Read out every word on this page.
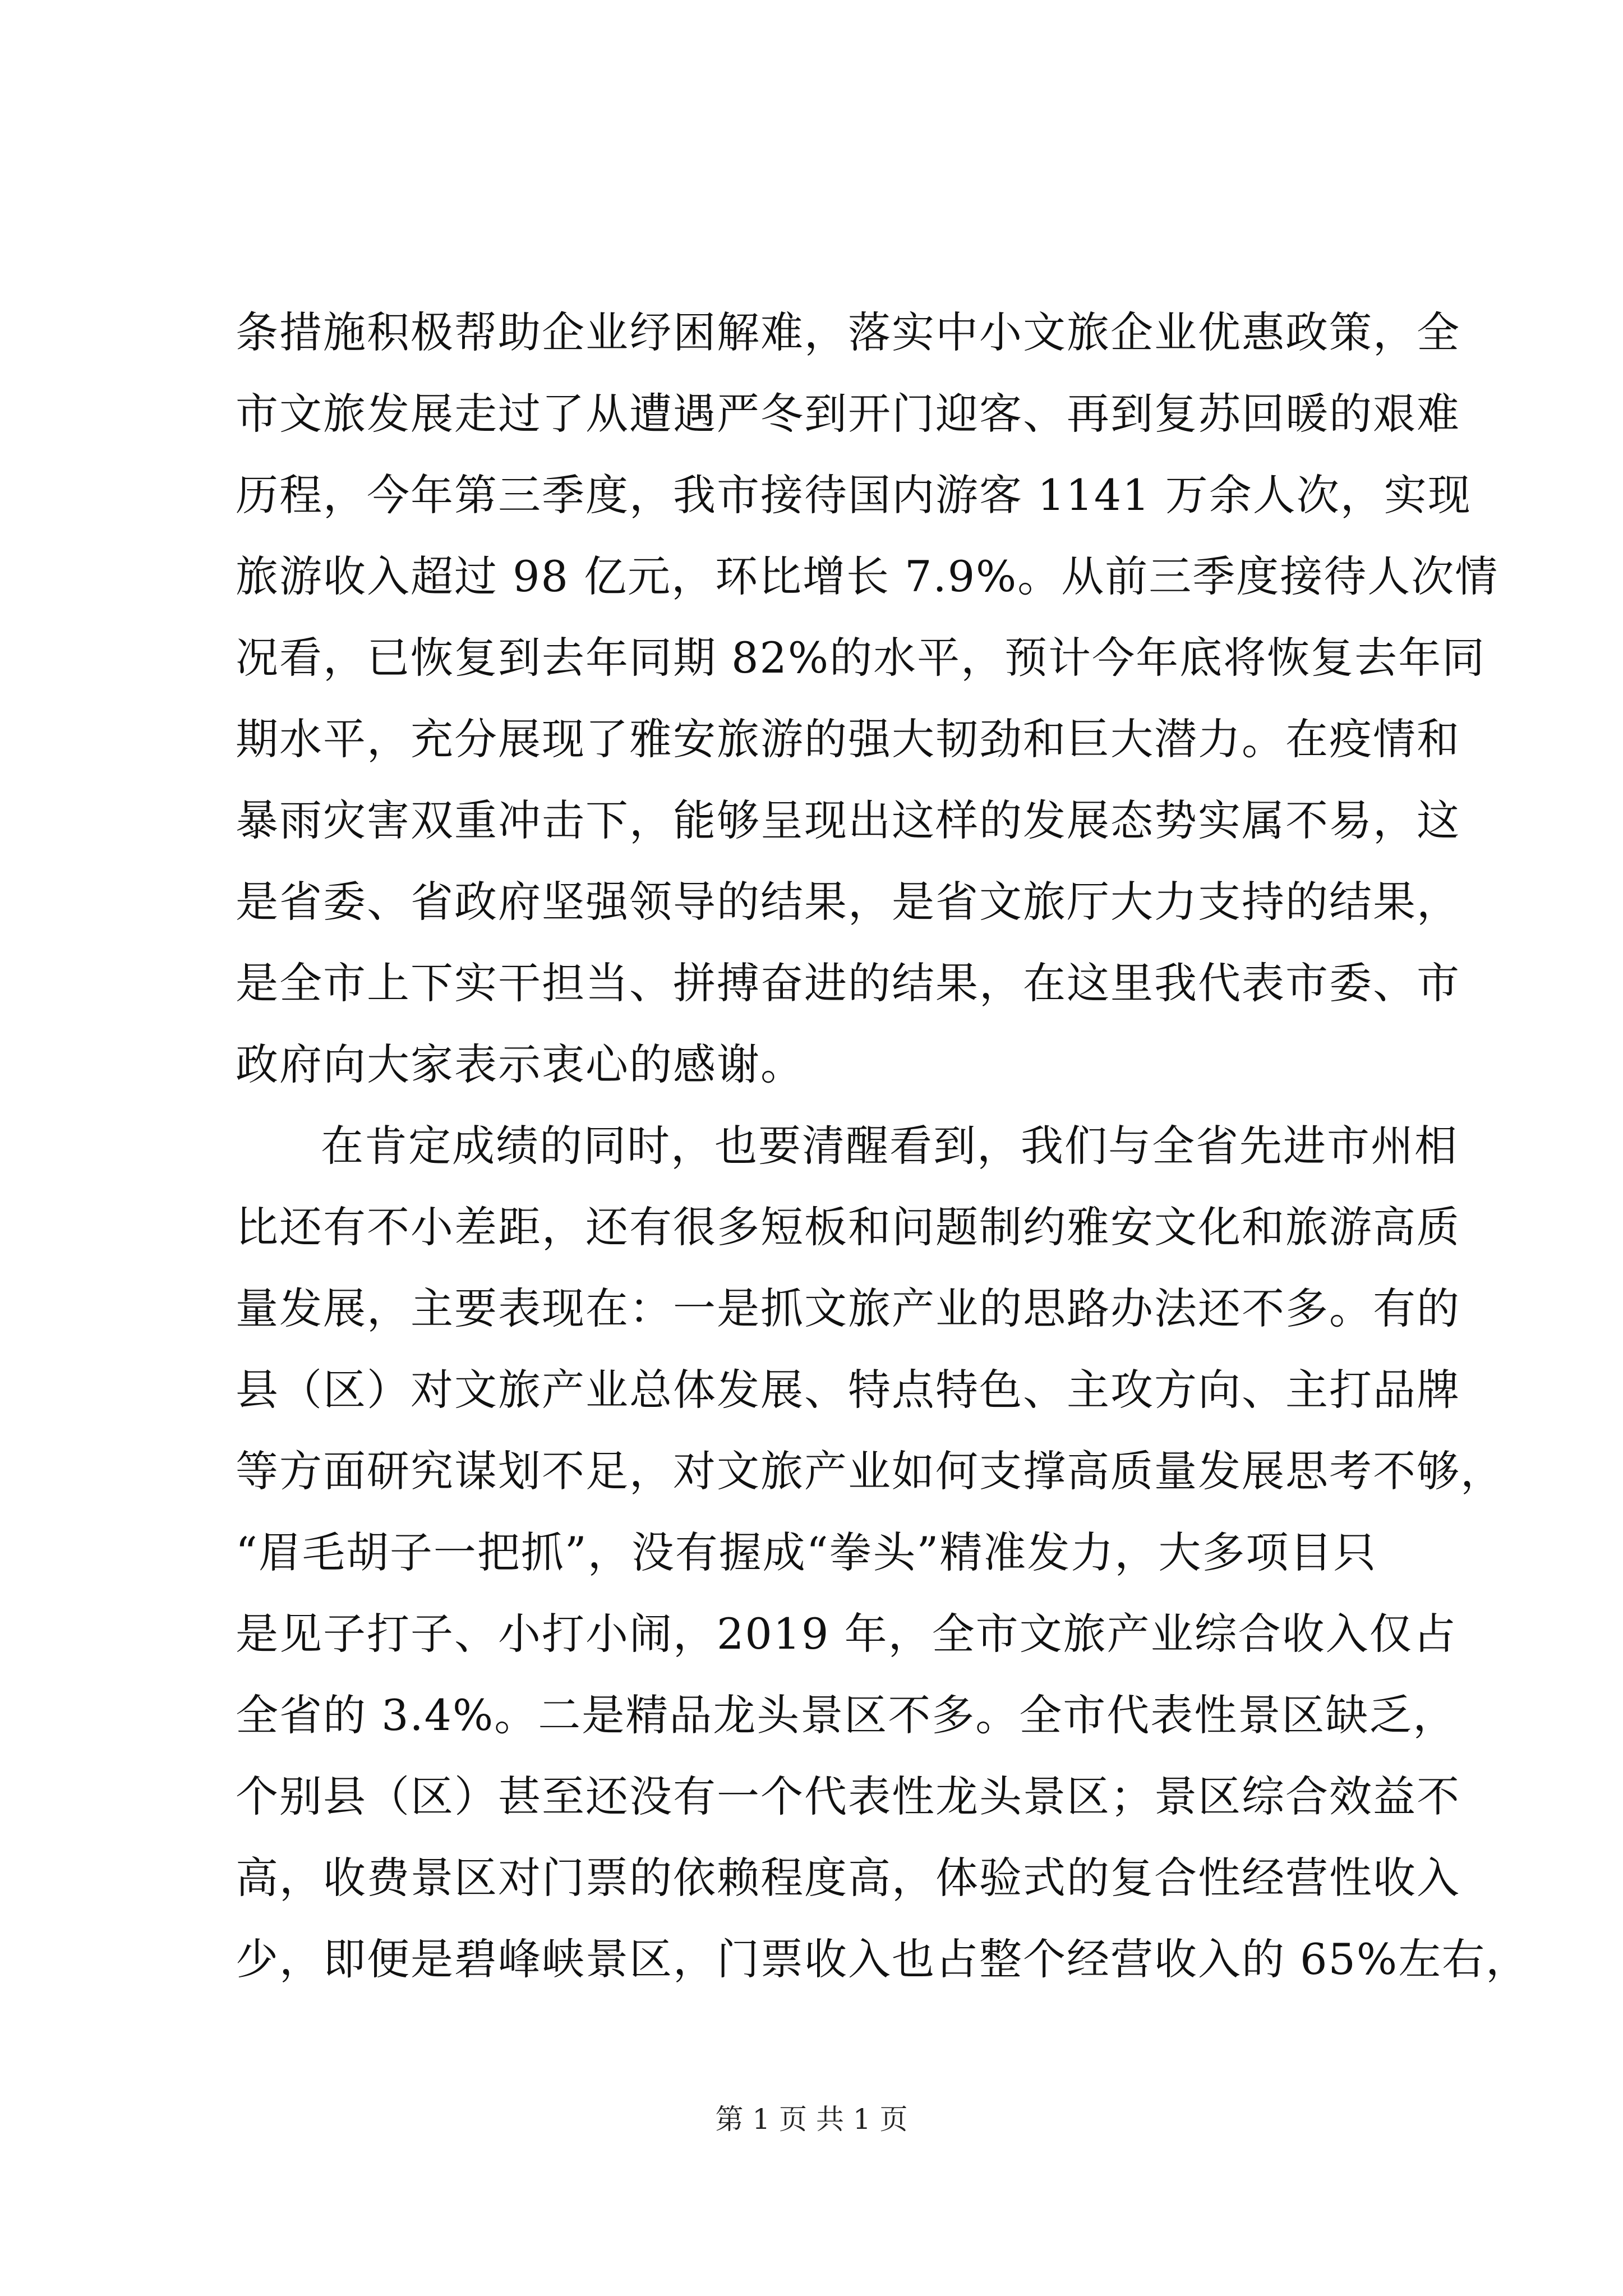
条措施积极帮助企业纾困解难，落实中小文旅企业优惠政策，全
市文旅发展走过了从遭遇严冬到开门迎客、再到复苏回暖的艰难
历程，今年第三季度，我市接待国内游客 1141 万余人次，实现
旅游收入超过 98 亿元，环比增长 7.9%。从前三季度接待人次情
况看，已恢复到去年同期 82%的水平，预计今年底将恢复去年同
期水平，充分展现了雅安旅游的强大韧劲和巨大潜力。在疫情和
暴雨灾害双重冲击下，能够呈现出这样的发展态势实属不易，这
是省委、省政府坚强领导的结果，是省文旅厅大力支持的结果，
是全市上下实干担当、拼搏奋进的结果，在这里我代表市委、市
政府向大家表示衷心的感谢。
在肯定成绩的同时，也要清醒看到，我们与全省先进市州相
比还有不小差距，还有很多短板和问题制约雅安文化和旅游高质
量发展，主要表现在：一是抓文旅产业的思路办法还不多。有的
县（区）对文旅产业总体发展、特点特色、主攻方向、主打品牌
等方面研究谋划不足，对文旅产业如何支撑高质量发展思考不够，
“眉毛胡子一把抓”，没有握成“拳头”精准发力，大多项目只
是见子打子、小打小闹，2019 年，全市文旅产业综合收入仅占
全省的 3.4%。二是精品龙头景区不多。全市代表性景区缺乏，
个别县（区）甚至还没有一个代表性龙头景区；景区综合效益不
高，收费景区对门票的依赖程度高，体验式的复合性经营性收入
少，即便是碧峰峡景区，门票收入也占整个经营收入的 65%左右，
第 1 页 共 1 页
